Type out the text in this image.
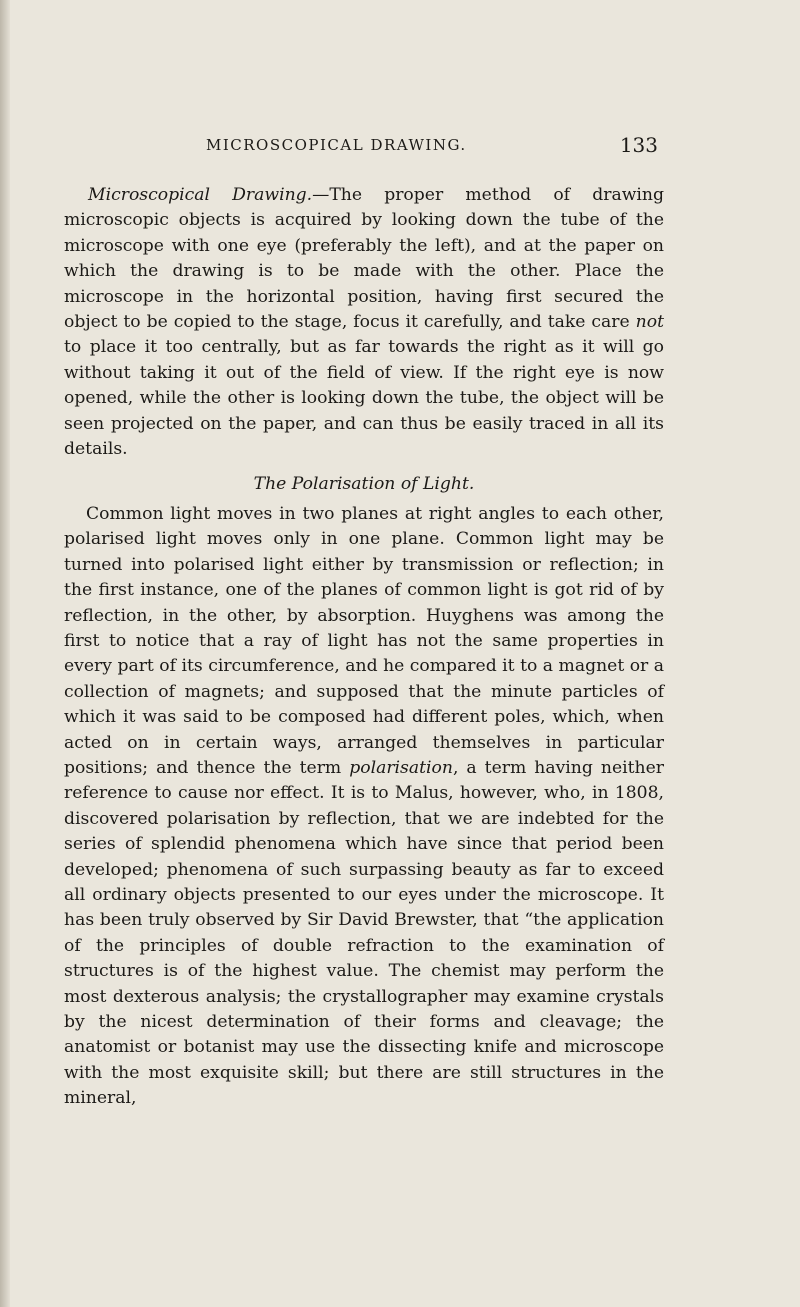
MICROSCOPICAL DRAWING.	133

Microscopical Drawing.—The proper method of drawing microscopic objects is acquired by looking down the tube of the microscope with one eye (preferably the left), and at the paper on which the drawing is to be made with the other. Place the microscope in the horizontal position, having first secured the object to be copied to the stage, focus it carefully, and take care not to place it too centrally, but as far towards the right as it will go without taking it out of the field of view. If the right eye is now opened, while the other is looking down the tube, the object will be seen projected on the paper, and can thus be easily traced in all its details.

The Polarisation of Light.

Common light moves in two planes at right angles to each other, polarised light moves only in one plane. Common light may be turned into polarised light either by transmission or reflection; in the first instance, one of the planes of common light is got rid of by reflection, in the other, by absorption. Huyghens was among the first to notice that a ray of light has not the same properties in every part of its circumference, and he compared it to a magnet or a collection of magnets; and supposed that the minute particles of which it was said to be composed had different poles, which, when acted on in certain ways, arranged themselves in particular positions; and thence the term polarisation, a term having neither reference to cause nor effect. It is to Malus, however, who, in 1808, discovered polarisation by reflection, that we are indebted for the series of splendid phenomena which have since that period been developed; phenomena of such surpassing beauty as far to exceed all ordinary objects presented to our eyes under the microscope. It has been truly observed by Sir David Brewster, that “the application of the principles of double refraction to the examination of structures is of the highest value. The chemist may perform the most dexterous analysis; the crystallographer may examine crystals by the nicest determination of their forms and cleavage; the anatomist or botanist may use the dissecting knife and microscope with the most exquisite skill; but there are still structures in the mineral,
